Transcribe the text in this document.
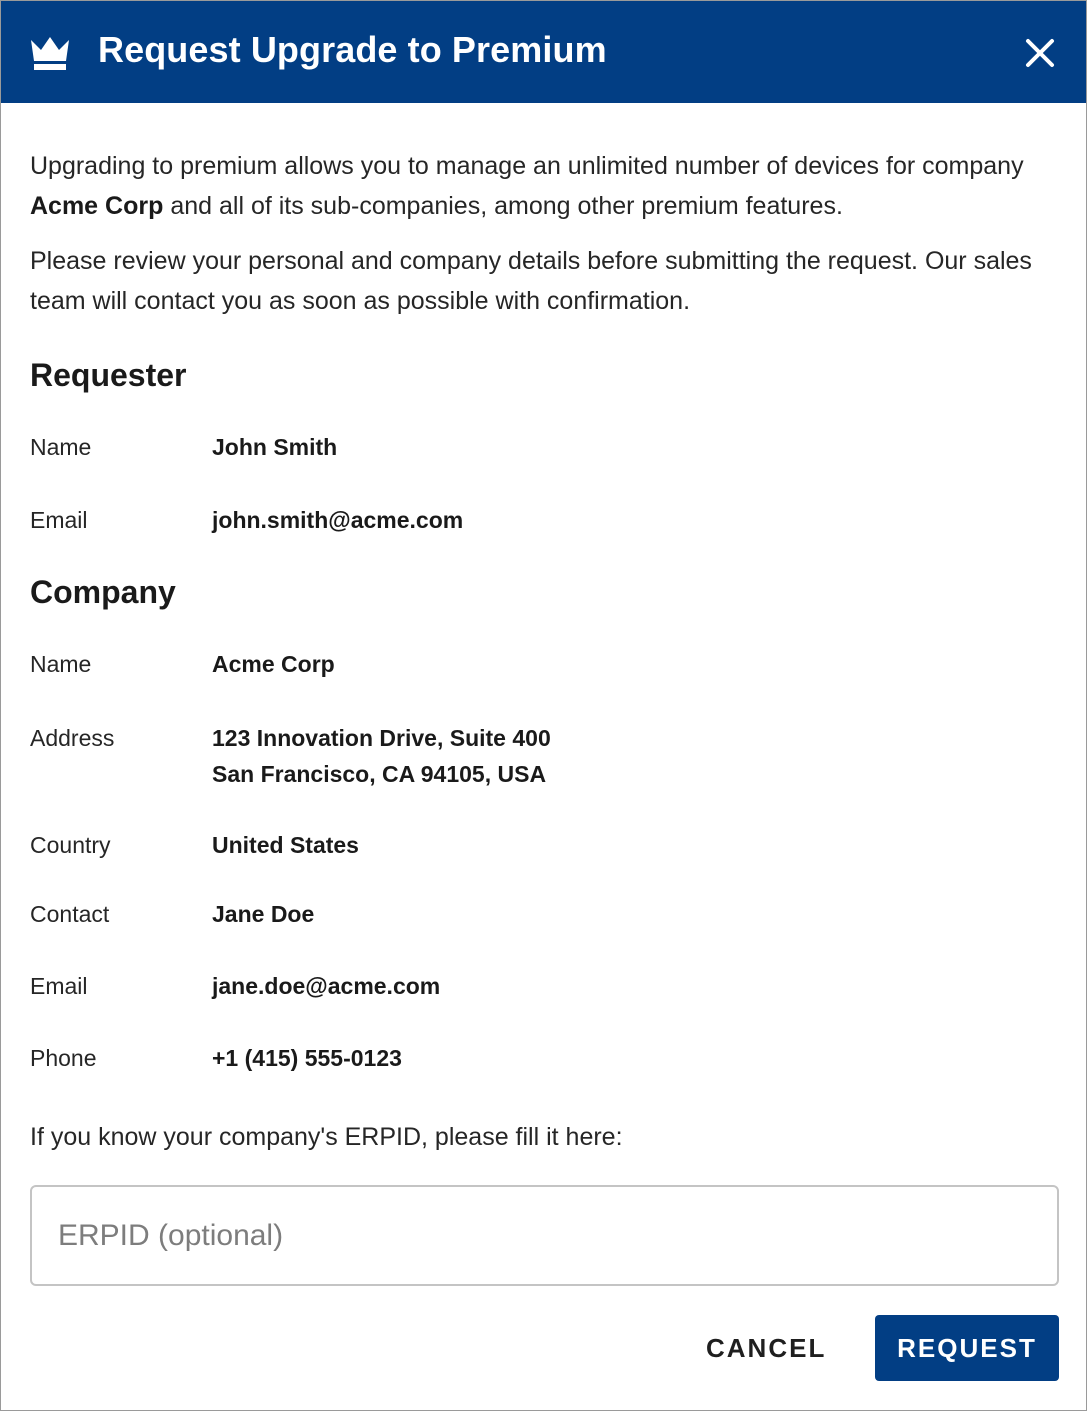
Request Upgrade to Premium

Upgrading to premium allows you to manage an unlimited number of devices for company
Acme Corp and all of its sub-companies, among other premium features.

Please review your personal and company details before submitting the request. Our sales team will contact you as soon as possible with confirmation.

Requester
Name	John Smith
Email	john.smith@acme.com
Company
Name	Acme Corp
Address	123 Innovation Drive, Suite 400
San Francisco, CA 94105, USA
Country	United States
Contact	Jane Doe
Email	jane.doe@acme.com
Phone	+1 (415) 555-0123
If you know your company's ERPID, please fill it here:
ERPID (optional)
CANCEL	REQUEST
